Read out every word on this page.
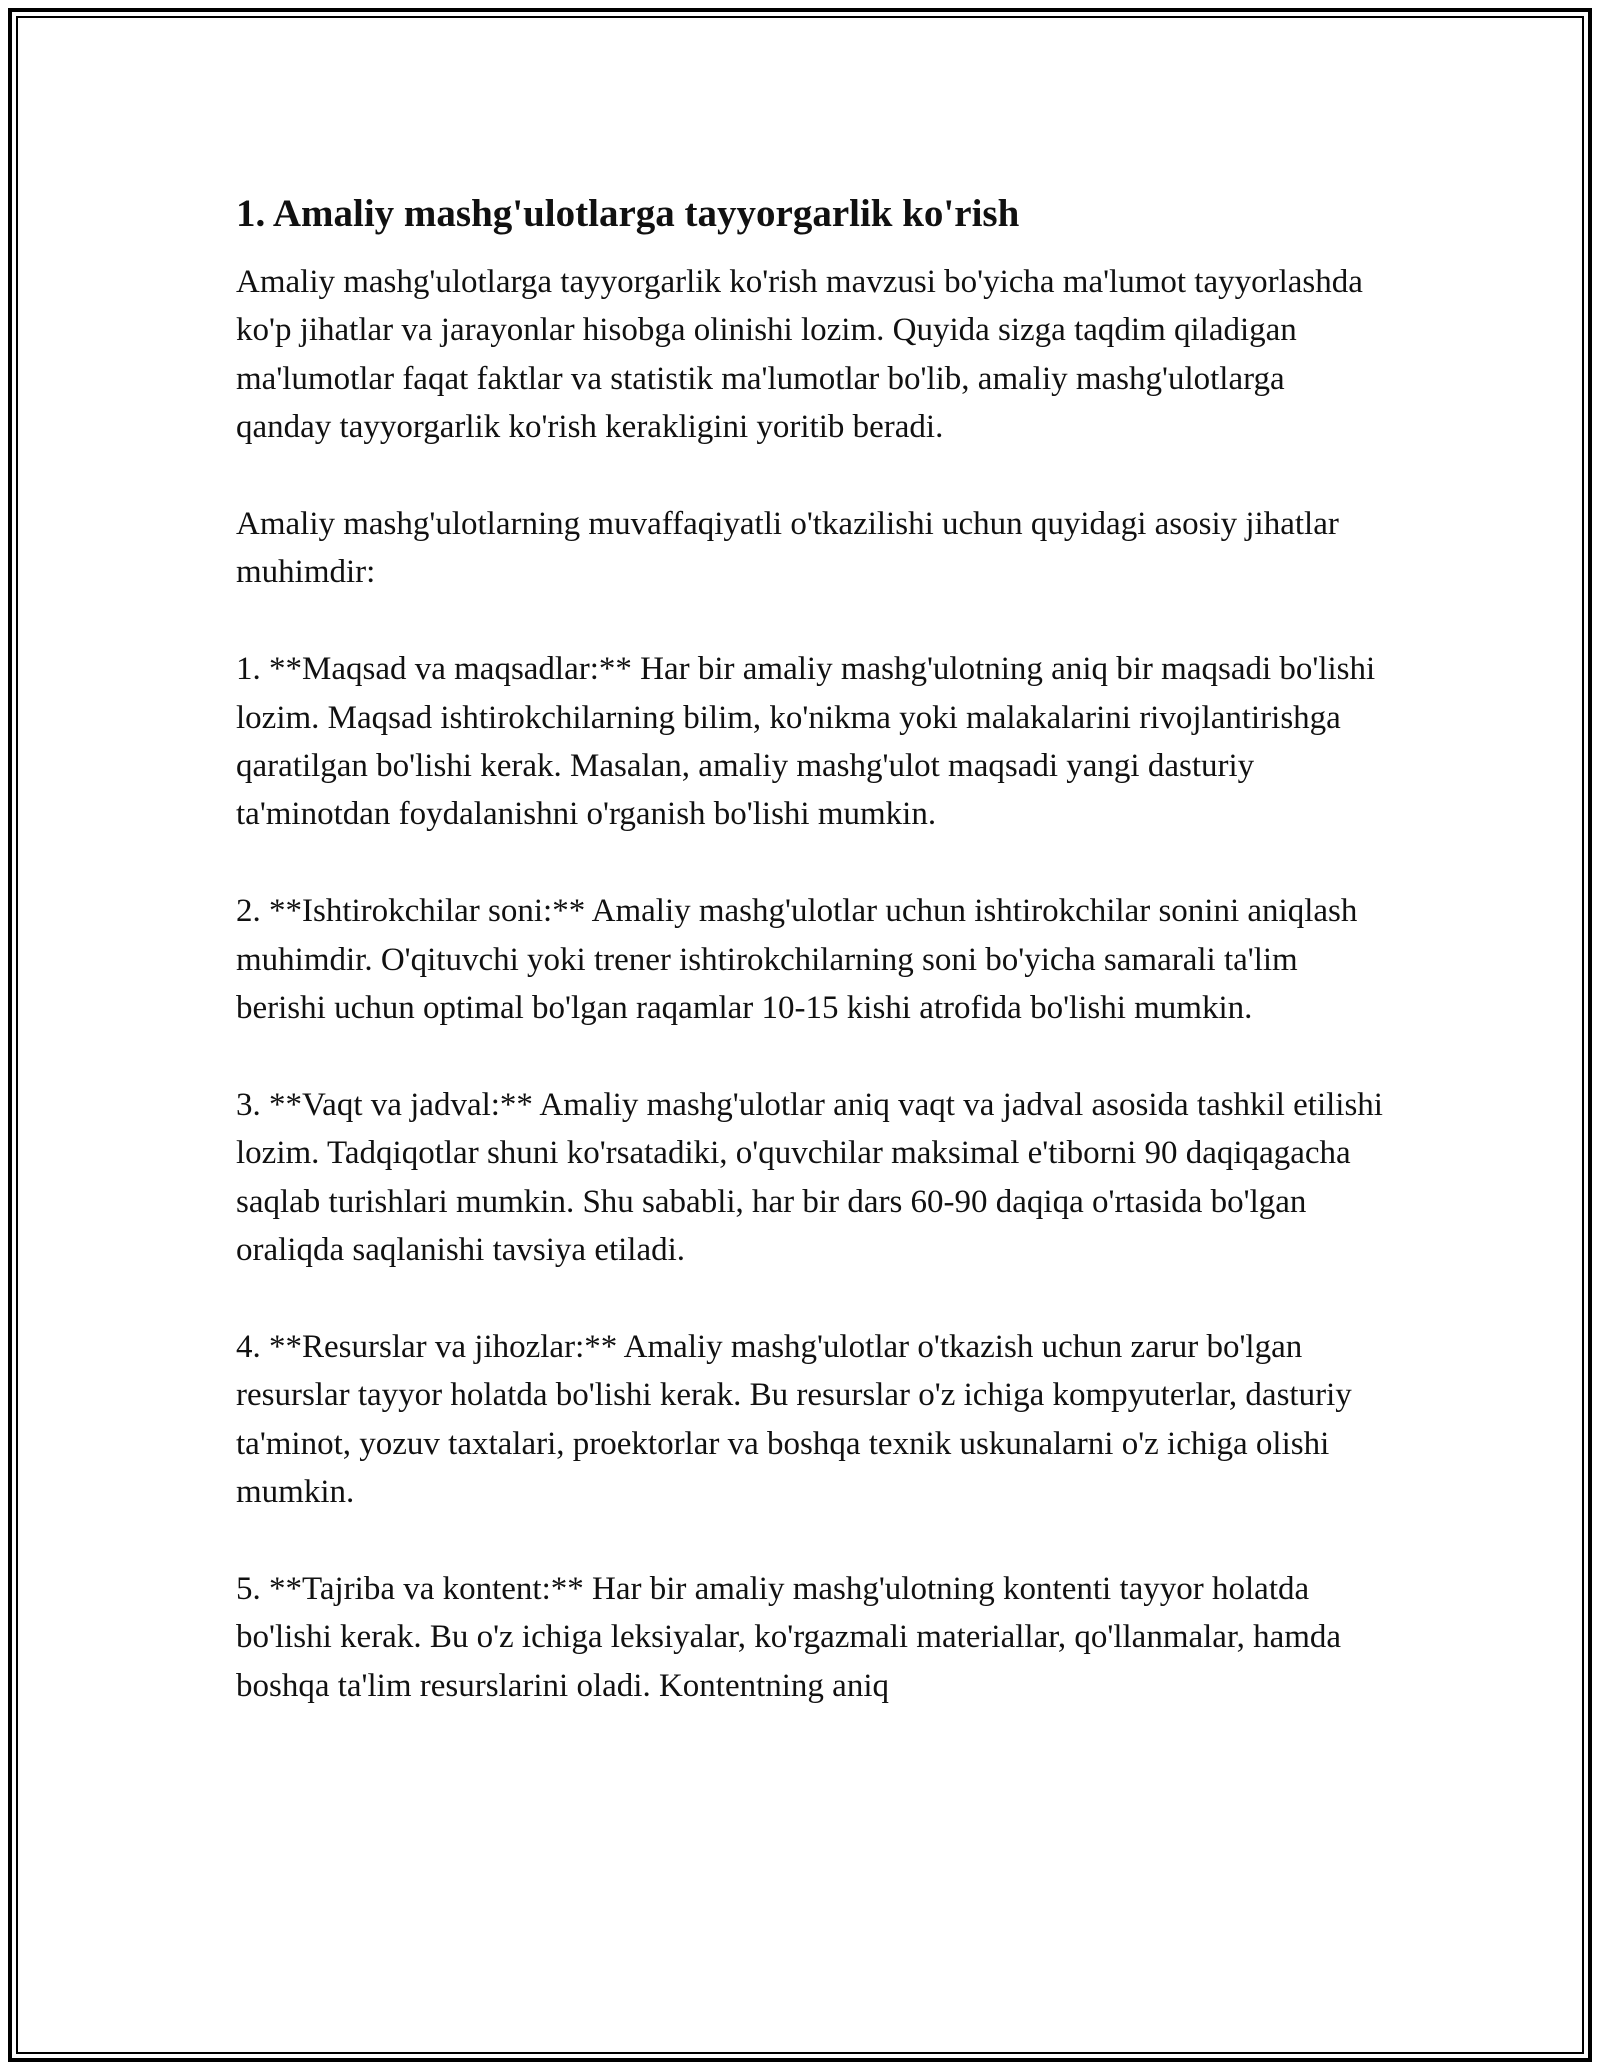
1. Amaliy mashg'ulotlarga tayyorgarlik ko'rish

Amaliy mashg'ulotlarga tayyorgarlik ko'rish mavzusi bo'yicha ma'lumot tayyorlashda ko'p jihatlar va jarayonlar hisobga olinishi lozim. Quyida sizga taqdim qiladigan ma'lumotlar faqat faktlar va statistik ma'lumotlar bo'lib, amaliy mashg'ulotlarga qanday tayyorgarlik ko'rish kerakligini yoritib beradi.

Amaliy mashg'ulotlarning muvaffaqiyatli o'tkazilishi uchun quyidagi asosiy jihatlar muhimdir:

1. **Maqsad va maqsadlar:** Har bir amaliy mashg'ulotning aniq bir maqsadi bo'lishi lozim. Maqsad ishtirokchilarning bilim, ko'nikma yoki malakalarini rivojlantirishga qaratilgan bo'lishi kerak. Masalan, amaliy mashg'ulot maqsadi yangi dasturiy ta'minotdan foydalanishni o'rganish bo'lishi mumkin.

2. **Ishtirokchilar soni:** Amaliy mashg'ulotlar uchun ishtirokchilar sonini aniqlash muhimdir. O'qituvchi yoki trener ishtirokchilarning soni bo'yicha samarali ta'lim berishi uchun optimal bo'lgan raqamlar 10-15 kishi atrofida bo'lishi mumkin.

3. **Vaqt va jadval:** Amaliy mashg'ulotlar aniq vaqt va jadval asosida tashkil etilishi lozim. Tadqiqotlar shuni ko'rsatadiki, o'quvchilar maksimal e'tiborni 90 daqiqagacha saqlab turishlari mumkin. Shu sababli, har bir dars 60-90 daqiqa o'rtasida bo'lgan oraliqda saqlanishi tavsiya etiladi.

4. **Resurslar va jihozlar:** Amaliy mashg'ulotlar o'tkazish uchun zarur bo'lgan resurslar tayyor holatda bo'lishi kerak. Bu resurslar o'z ichiga kompyuterlar, dasturiy ta'minot, yozuv taxtalari, proektorlar va boshqa texnik uskunalarni o'z ichiga olishi mumkin.

5. **Tajriba va kontent:** Har bir amaliy mashg'ulotning kontenti tayyor holatda bo'lishi kerak. Bu o'z ichiga leksiyalar, ko'rgazmali materiallar, qo'llanmalar, hamda boshqa ta'lim resurslarini oladi. Kontentning aniq
